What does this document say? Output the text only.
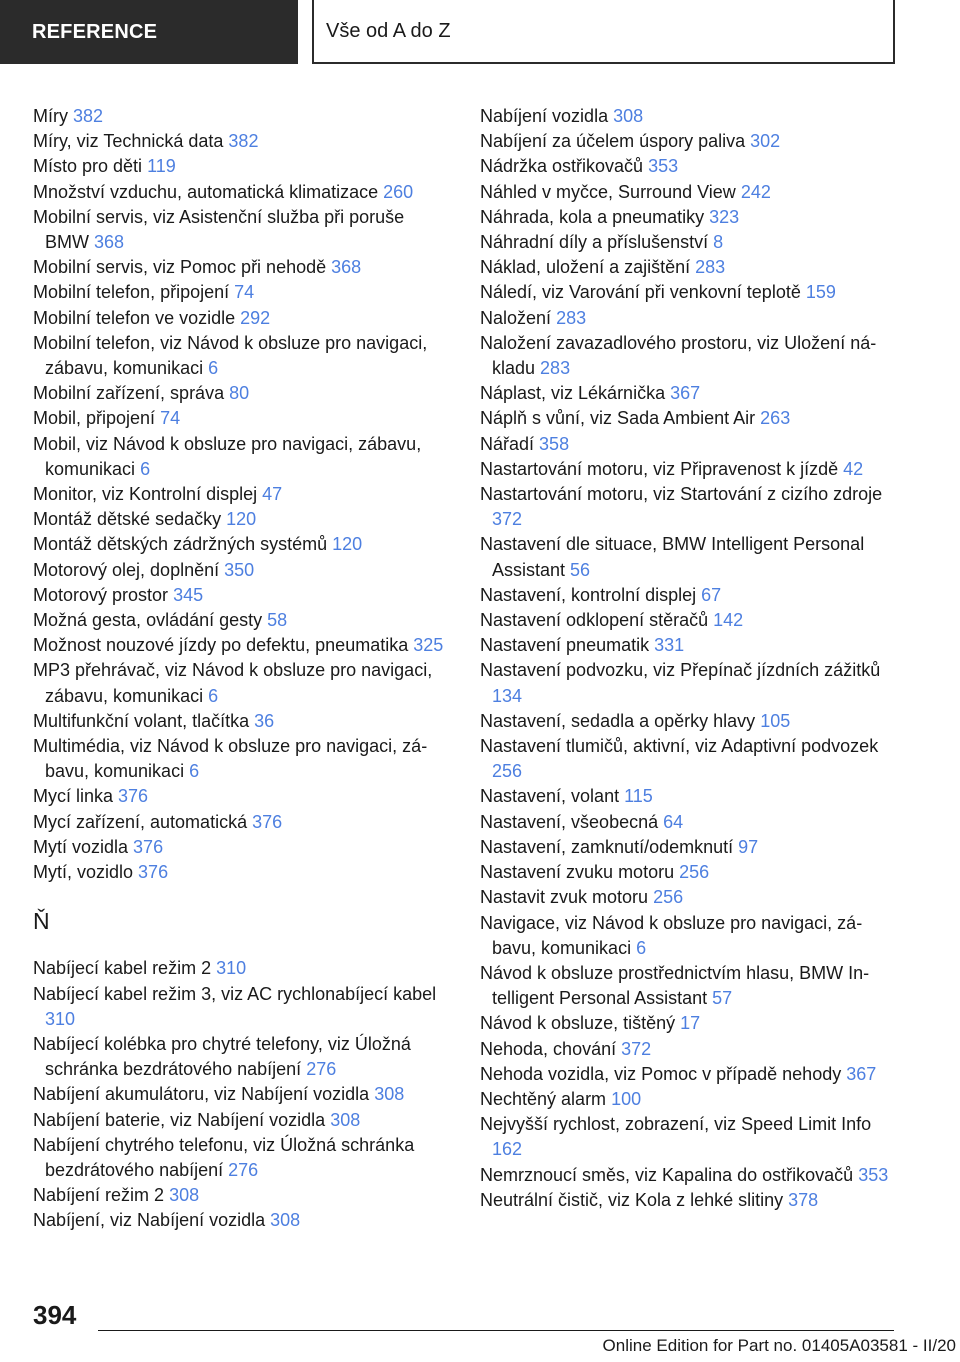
REFERENCE	Vše od A do Z
Míry 382
Míry, viz Technická data 382
Místo pro děti 119
Množství vzduchu, automatická klimatizace 260
Mobilní servis, viz Asistenční služba při poruše BMW 368
Mobilní servis, viz Pomoc při nehodě 368
Mobilní telefon, připojení 74
Mobilní telefon ve vozidle 292
Mobilní telefon, viz Návod k obsluze pro navigaci, zábavu, komunikaci 6
Mobilní zařízení, správa 80
Mobil, připojení 74
Mobil, viz Návod k obsluze pro navigaci, zábavu, komunikaci 6
Monitor, viz Kontrolní displej 47
Montáž dětské sedačky 120
Montáž dětských zádržných systémů 120
Motorový olej, doplnění 350
Motorový prostor 345
Možná gesta, ovládání gesty 58
Možnost nouzové jízdy po defektu, pneumatika 325
MP3 přehrávač, viz Návod k obsluze pro navigaci, zábavu, komunikaci 6
Multifunkční volant, tlačítka 36
Multimédia, viz Návod k obsluze pro navigaci, zábavu, komunikaci 6
Mycí linka 376
Mycí zařízení, automatická 376
Mytí vozidla 376
Mytí, vozidlo 376
Ň
Nabíjecí kabel režim 2 310
Nabíjecí kabel režim 3, viz AC rychlonabíjecí kabel 310
Nabíjecí kolébka pro chytré telefony, viz Úložná schránka bezdrátového nabíjení 276
Nabíjení akumulátoru, viz Nabíjení vozidla 308
Nabíjení baterie, viz Nabíjení vozidla 308
Nabíjení chytrého telefonu, viz Úložná schránka bezdrátového nabíjení 276
Nabíjení režim 2 308
Nabíjení, viz Nabíjení vozidla 308
Nabíjení vozidla 308
Nabíjení za účelem úspory paliva 302
Nádržka ostřikovačů 353
Náhled v myčce, Surround View 242
Náhrada, kola a pneumatiky 323
Náhradní díly a příslušenství 8
Náklad, uložení a zajištění 283
Náledí, viz Varování při venkovní teplotě 159
Naložení 283
Naložení zavazadlového prostoru, viz Uložení nákladu 283
Náplast, viz Lékárnička 367
Náplň s vůní, viz Sada Ambient Air 263
Nářadí 358
Nastartování motoru, viz Připravenost k jízdě 42
Nastartování motoru, viz Startování z cizího zdroje 372
Nastavení dle situace, BMW Intelligent Personal Assistant 56
Nastavení, kontrolní displej 67
Nastavení odklopení stěračů 142
Nastavení pneumatik 331
Nastavení podvozku, viz Přepínač jízdních zážitků 134
Nastavení, sedadla a opěrky hlavy 105
Nastavení tlumičů, aktivní, viz Adaptivní podvozek 256
Nastavení, volant 115
Nastavení, všeobecná 64
Nastavení, zamknutí/odemknutí 97
Nastavení zvuku motoru 256
Nastavit zvuk motoru 256
Navigace, viz Návod k obsluze pro navigaci, zábavu, komunikaci 6
Návod k obsluze prostřednictvím hlasu, BMW Intelligent Personal Assistant 57
Návod k obsluze, tištěný 17
Nehoda, chování 372
Nehoda vozidla, viz Pomoc v případě nehody 367
Nechtěný alarm 100
Nejvyšší rychlost, zobrazení, viz Speed Limit Info 162
Nemrznoucí směs, viz Kapalina do ostřikovačů 353
Neutrální čistič, viz Kola z lehké slitiny 378
394
Online Edition for Part no. 01405A03581 - II/20
